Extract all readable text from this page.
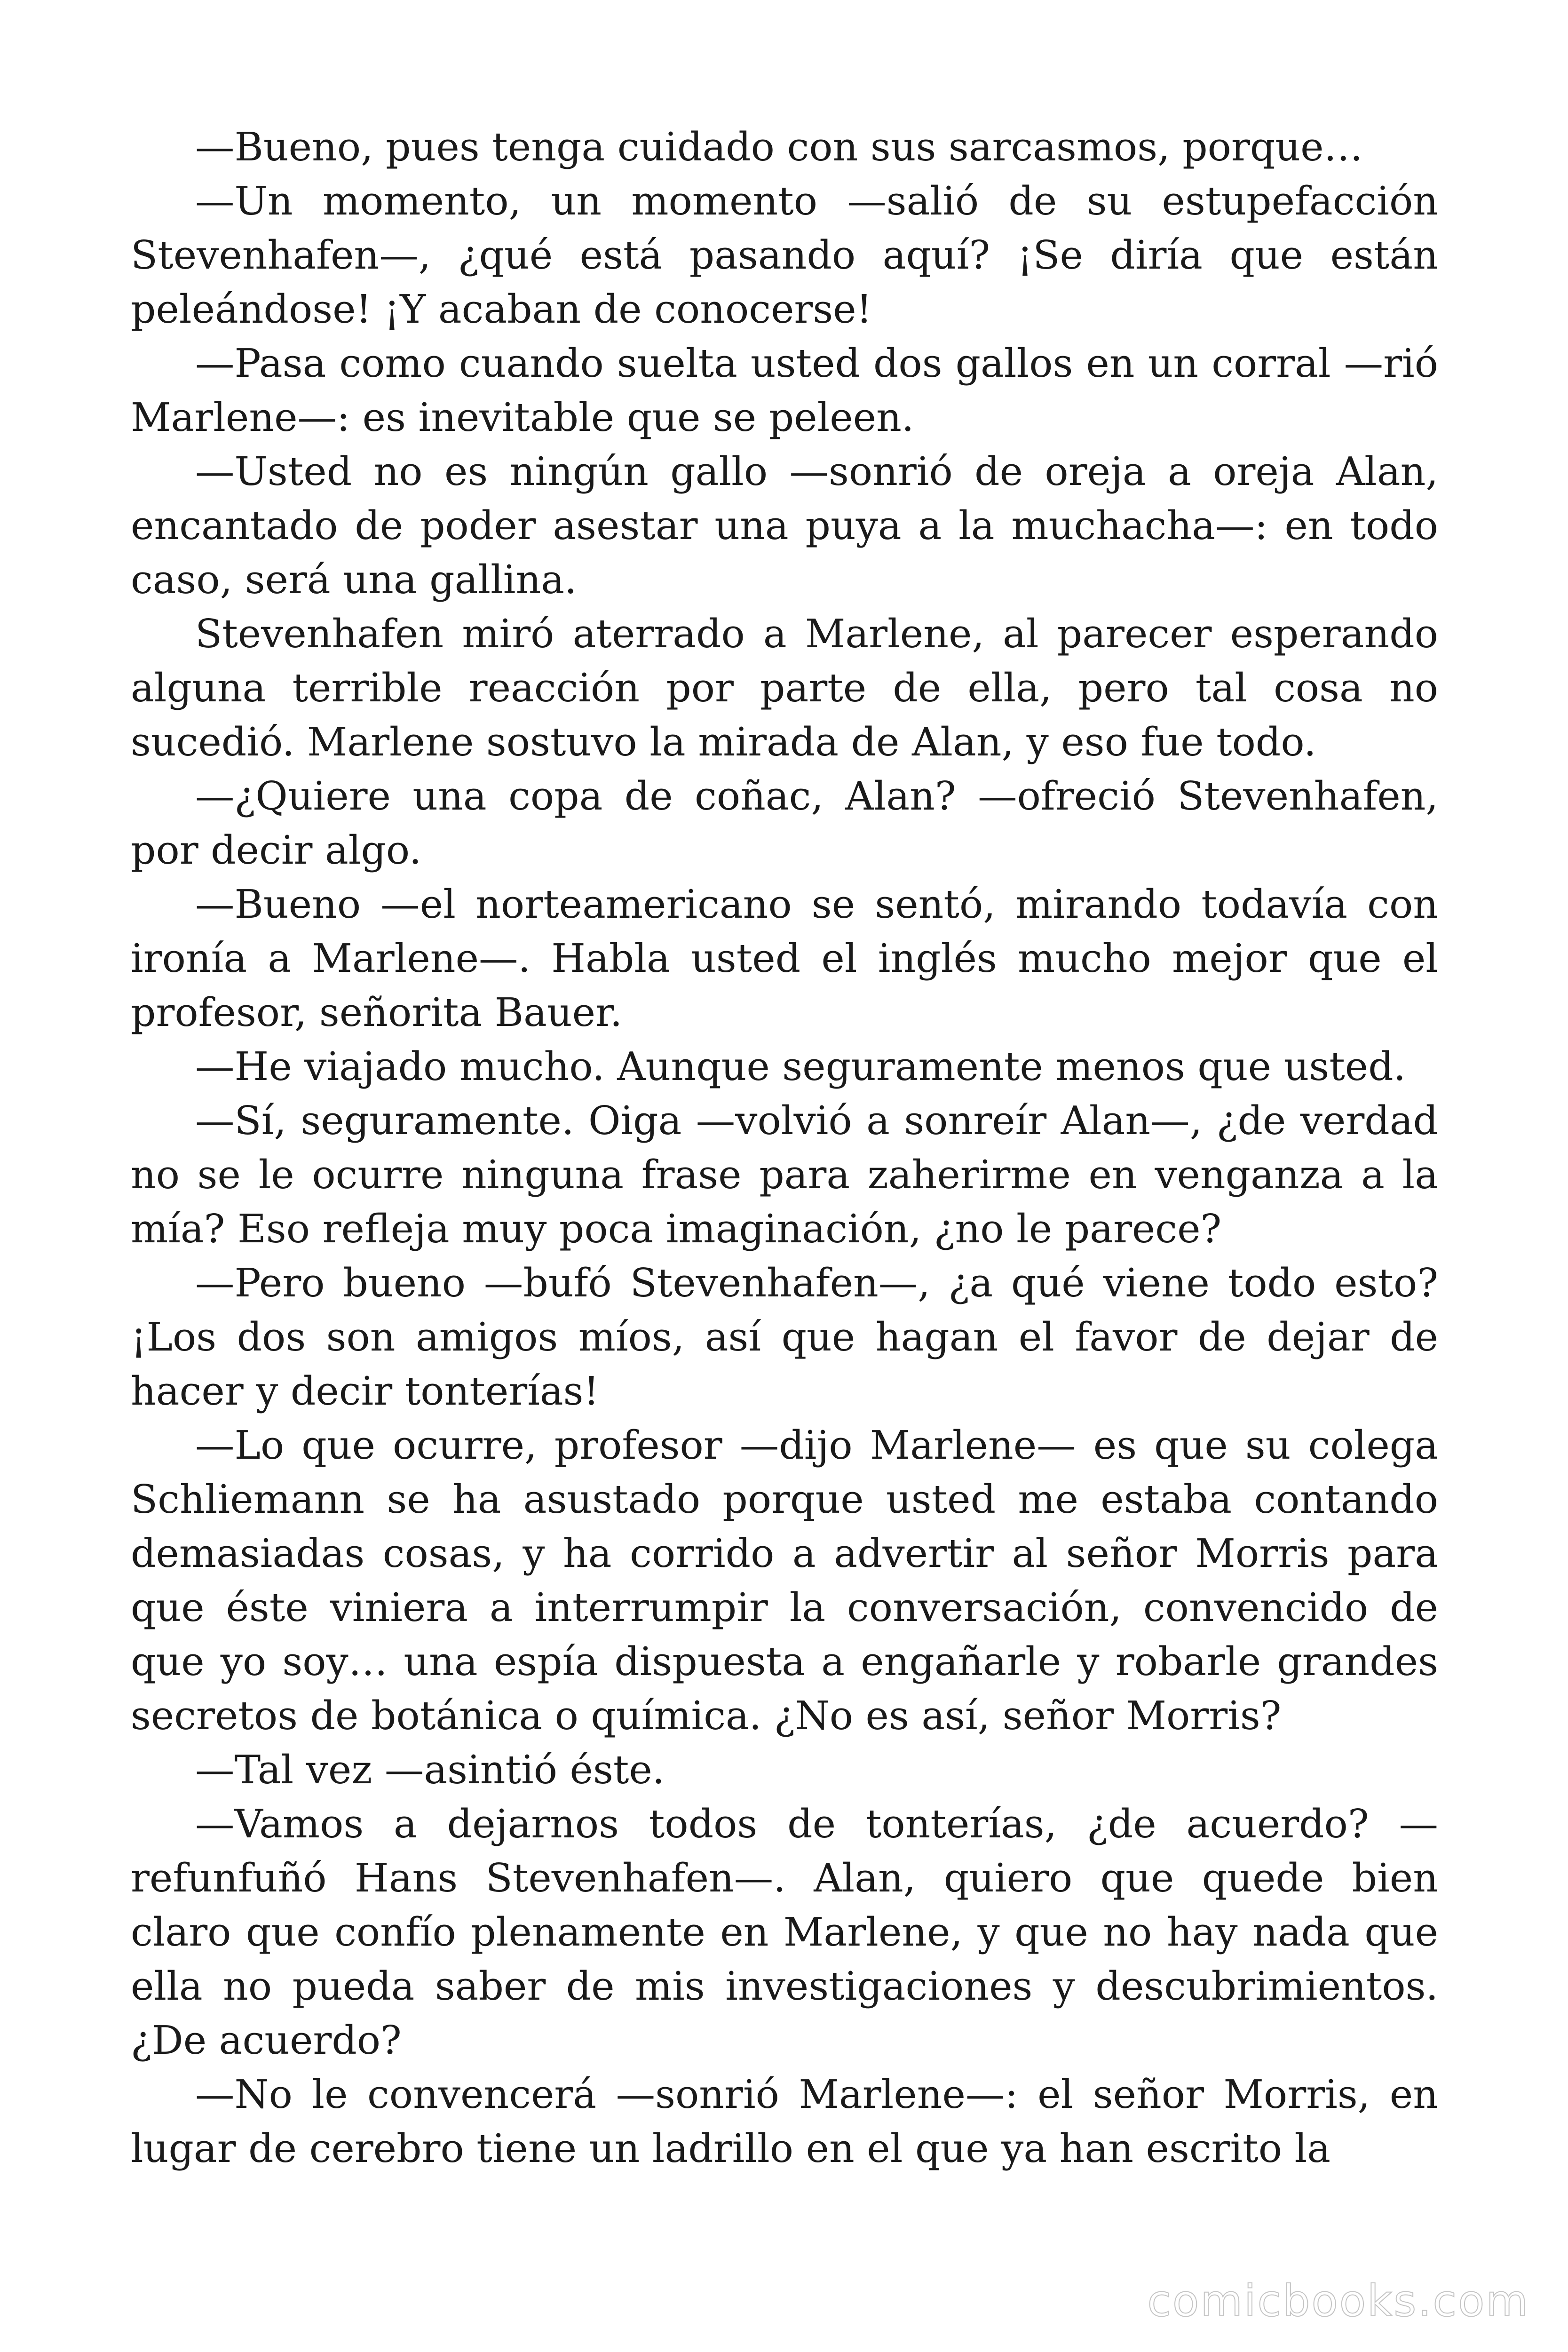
—Bueno, pues tenga cuidado con sus sarcasmos, porque…

—Un momento, un momento —salió de su estupefacción Stevenhafen—, ¿qué está pasando aquí? ¡Se diría que están peleándose! ¡Y acaban de conocerse!

—Pasa como cuando suelta usted dos gallos en un corral —rió Marlene—: es inevitable que se peleen.

—Usted no es ningún gallo —sonrió de oreja a oreja Alan, encantado de poder asestar una puya a la muchacha—: en todo caso, será una gallina.

Stevenhafen miró aterrado a Marlene, al parecer esperando alguna terrible reacción por parte de ella, pero tal cosa no sucedió. Marlene sostuvo la mirada de Alan, y eso fue todo.

—¿Quiere una copa de coñac, Alan? —ofreció Stevenhafen, por decir algo.

—Bueno —el norteamericano se sentó, mirando todavía con ironía a Marlene—. Habla usted el inglés mucho mejor que el profesor, señorita Bauer.

—He viajado mucho. Aunque seguramente menos que usted.

—Sí, seguramente. Oiga —volvió a sonreír Alan—, ¿de verdad no se le ocurre ninguna frase para zaherirme en venganza a la mía? Eso refleja muy poca imaginación, ¿no le parece?

—Pero bueno —bufó Stevenhafen—, ¿a qué viene todo esto? ¡Los dos son amigos míos, así que hagan el favor de dejar de hacer y decir tonterías!

—Lo que ocurre, profesor —dijo Marlene— es que su colega Schliemann se ha asustado porque usted me estaba contando demasiadas cosas, y ha corrido a advertir al señor Morris para que éste viniera a interrumpir la conversación, convencido de que yo soy… una espía dispuesta a engañarle y robarle grandes secretos de botánica o química. ¿No es así, señor Morris?

—Tal vez —asintió éste.

—Vamos a dejarnos todos de tonterías, ¿de acuerdo? —refunfuñó Hans Stevenhafen—. Alan, quiero que quede bien claro que confío plenamente en Marlene, y que no hay nada que ella no pueda saber de mis investigaciones y descubrimientos. ¿De acuerdo?

—No le convencerá —sonrió Marlene—: el señor Morris, en lugar de cerebro tiene un ladrillo en el que ya han escrito la

comicbooks.com
